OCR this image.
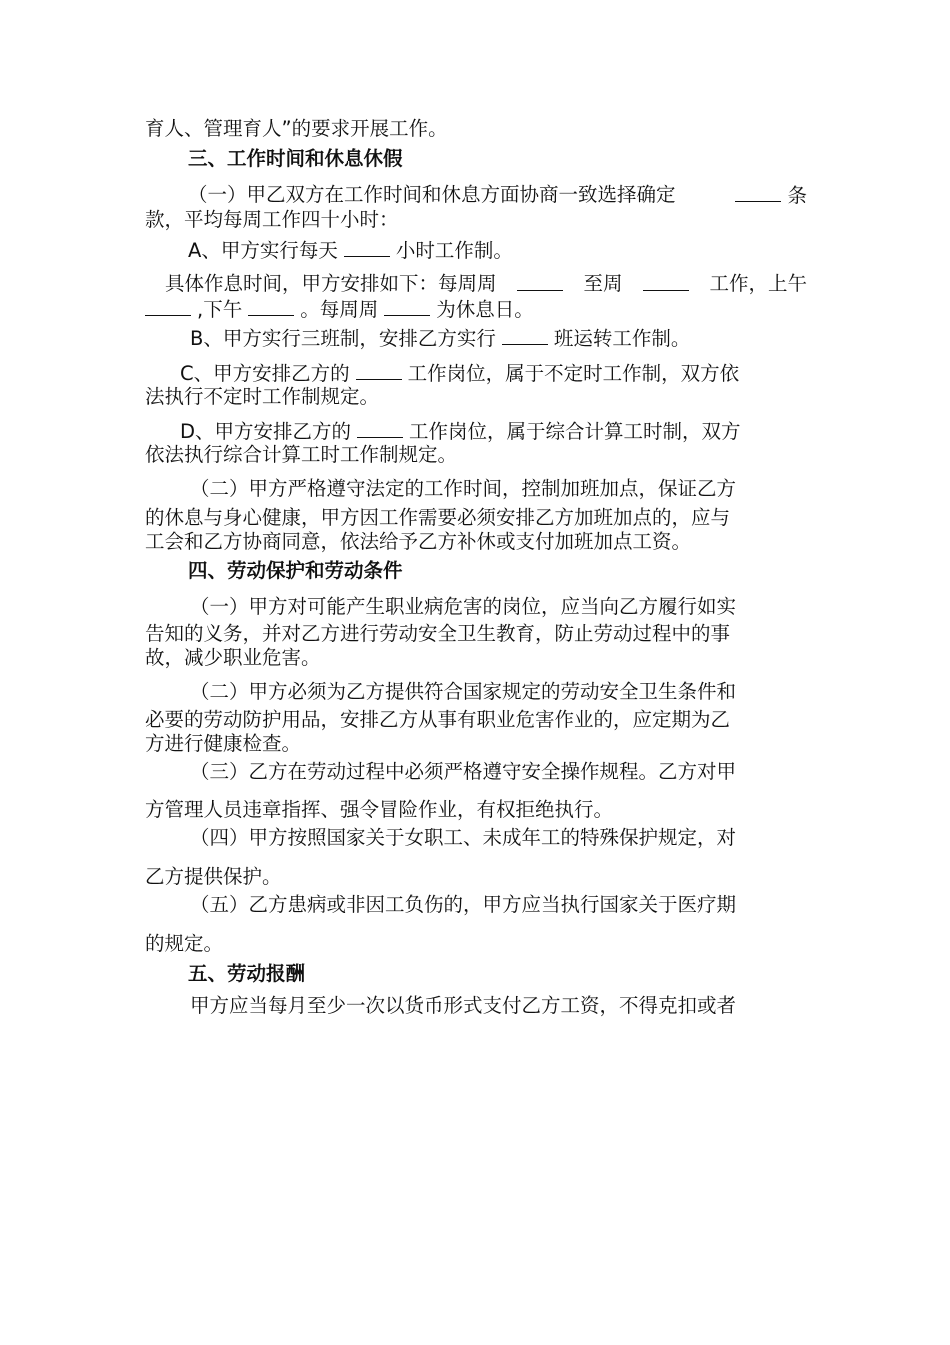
育人、管理育人”的要求开展工作。

三、工作时间和休息休假

（一）甲乙双方在工作时间和休息方面协商一致选择确定	条

款，平均每周工作四十小时：

A、甲方实行每天	小时工作制。

具体作息时间，甲方安排如下：每周周	至周	工作，上午

,下午	。每周周	为休息日。

B、甲方实行三班制，安排乙方实行	班运转工作制。

C、甲方安排乙方的	工作岗位，属于不定时工作制，双方依

法执行不定时工作制规定。

D、甲方安排乙方的	工作岗位，属于综合计算工时制，双方

依法执行综合计算工时工作制规定。

（二）甲方严格遵守法定的工作时间，控制加班加点，保证乙方

的休息与身心健康，甲方因工作需要必须安排乙方加班加点的，应与

工会和乙方协商同意，依法给予乙方补休或支付加班加点工资。

四、劳动保护和劳动条件

（一）甲方对可能产生职业病危害的岗位，应当向乙方履行如实

告知的义务，并对乙方进行劳动安全卫生教育，防止劳动过程中的事

故，减少职业危害。

（二）甲方必须为乙方提供符合国家规定的劳动安全卫生条件和

必要的劳动防护用品，安排乙方从事有职业危害作业的，应定期为乙

方进行健康检查。

（三）乙方在劳动过程中必须严格遵守安全操作规程。乙方对甲

方管理人员违章指挥、强令冒险作业，有权拒绝执行。

（四）甲方按照国家关于女职工、未成年工的特殊保护规定，对

乙方提供保护。

（五）乙方患病或非因工负伤的，甲方应当执行国家关于医疗期

的规定。

五、劳动报酬

甲方应当每月至少一次以货币形式支付乙方工资，不得克扣或者
